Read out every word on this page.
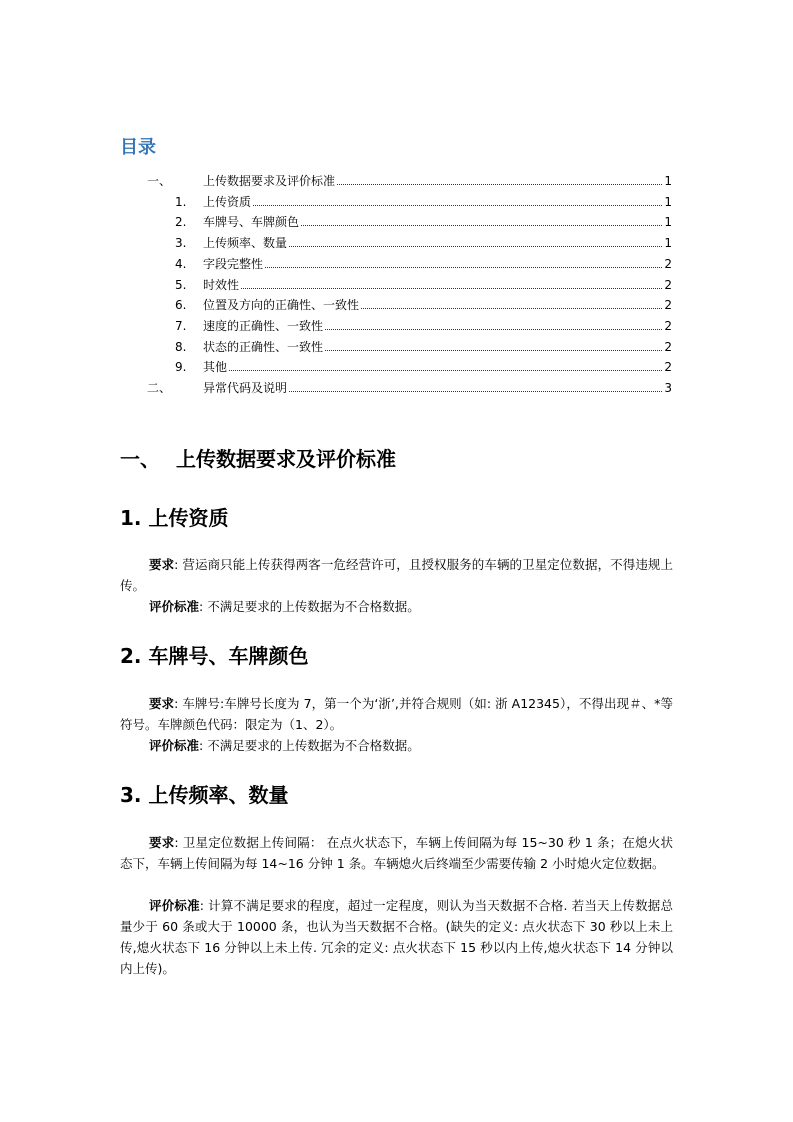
目录
一、	上传数据要求及评价标准	1
1.	上传资质	1
2.	车牌号、车牌颜色	1
3.	上传频率、数量	1
4.	字段完整性	2
5.	时效性	2
6.	位置及方向的正确性、一致性	2
7.	速度的正确性、一致性	2
8.	状态的正确性、一致性	2
9.	其他	2
二、	异常代码及说明	3
一、 上传数据要求及评价标准
1. 上传资质
要求: 营运商只能上传获得两客一危经营许可，且授权服务的车辆的卫星定位数据，不得违规上传。
评价标准: 不满足要求的上传数据为不合格数据。
2. 车牌号、车牌颜色
要求: 车牌号:车牌号长度为 7，第一个为‘浙’,并符合规则（如: 浙 A12345），不得出现＃、*等符号。车牌颜色代码：限定为（1、2）。
评价标准: 不满足要求的上传数据为不合格数据。
3. 上传频率、数量
要求: 卫星定位数据上传间隔： 在点火状态下，车辆上传间隔为每 15~30 秒 1 条；在熄火状态下，车辆上传间隔为每 14~16 分钟 1 条。车辆熄火后终端至少需要传输 2 小时熄火定位数据。
评价标准: 计算不满足要求的程度，超过一定程度，则认为当天数据不合格. 若当天上传数据总量少于 60 条或大于 10000 条，也认为当天数据不合格。(缺失的定义: 点火状态下 30 秒以上未上传,熄火状态下 16 分钟以上未上传. 冗余的定义: 点火状态下 15 秒以内上传,熄火状态下 14 分钟以内上传)。
